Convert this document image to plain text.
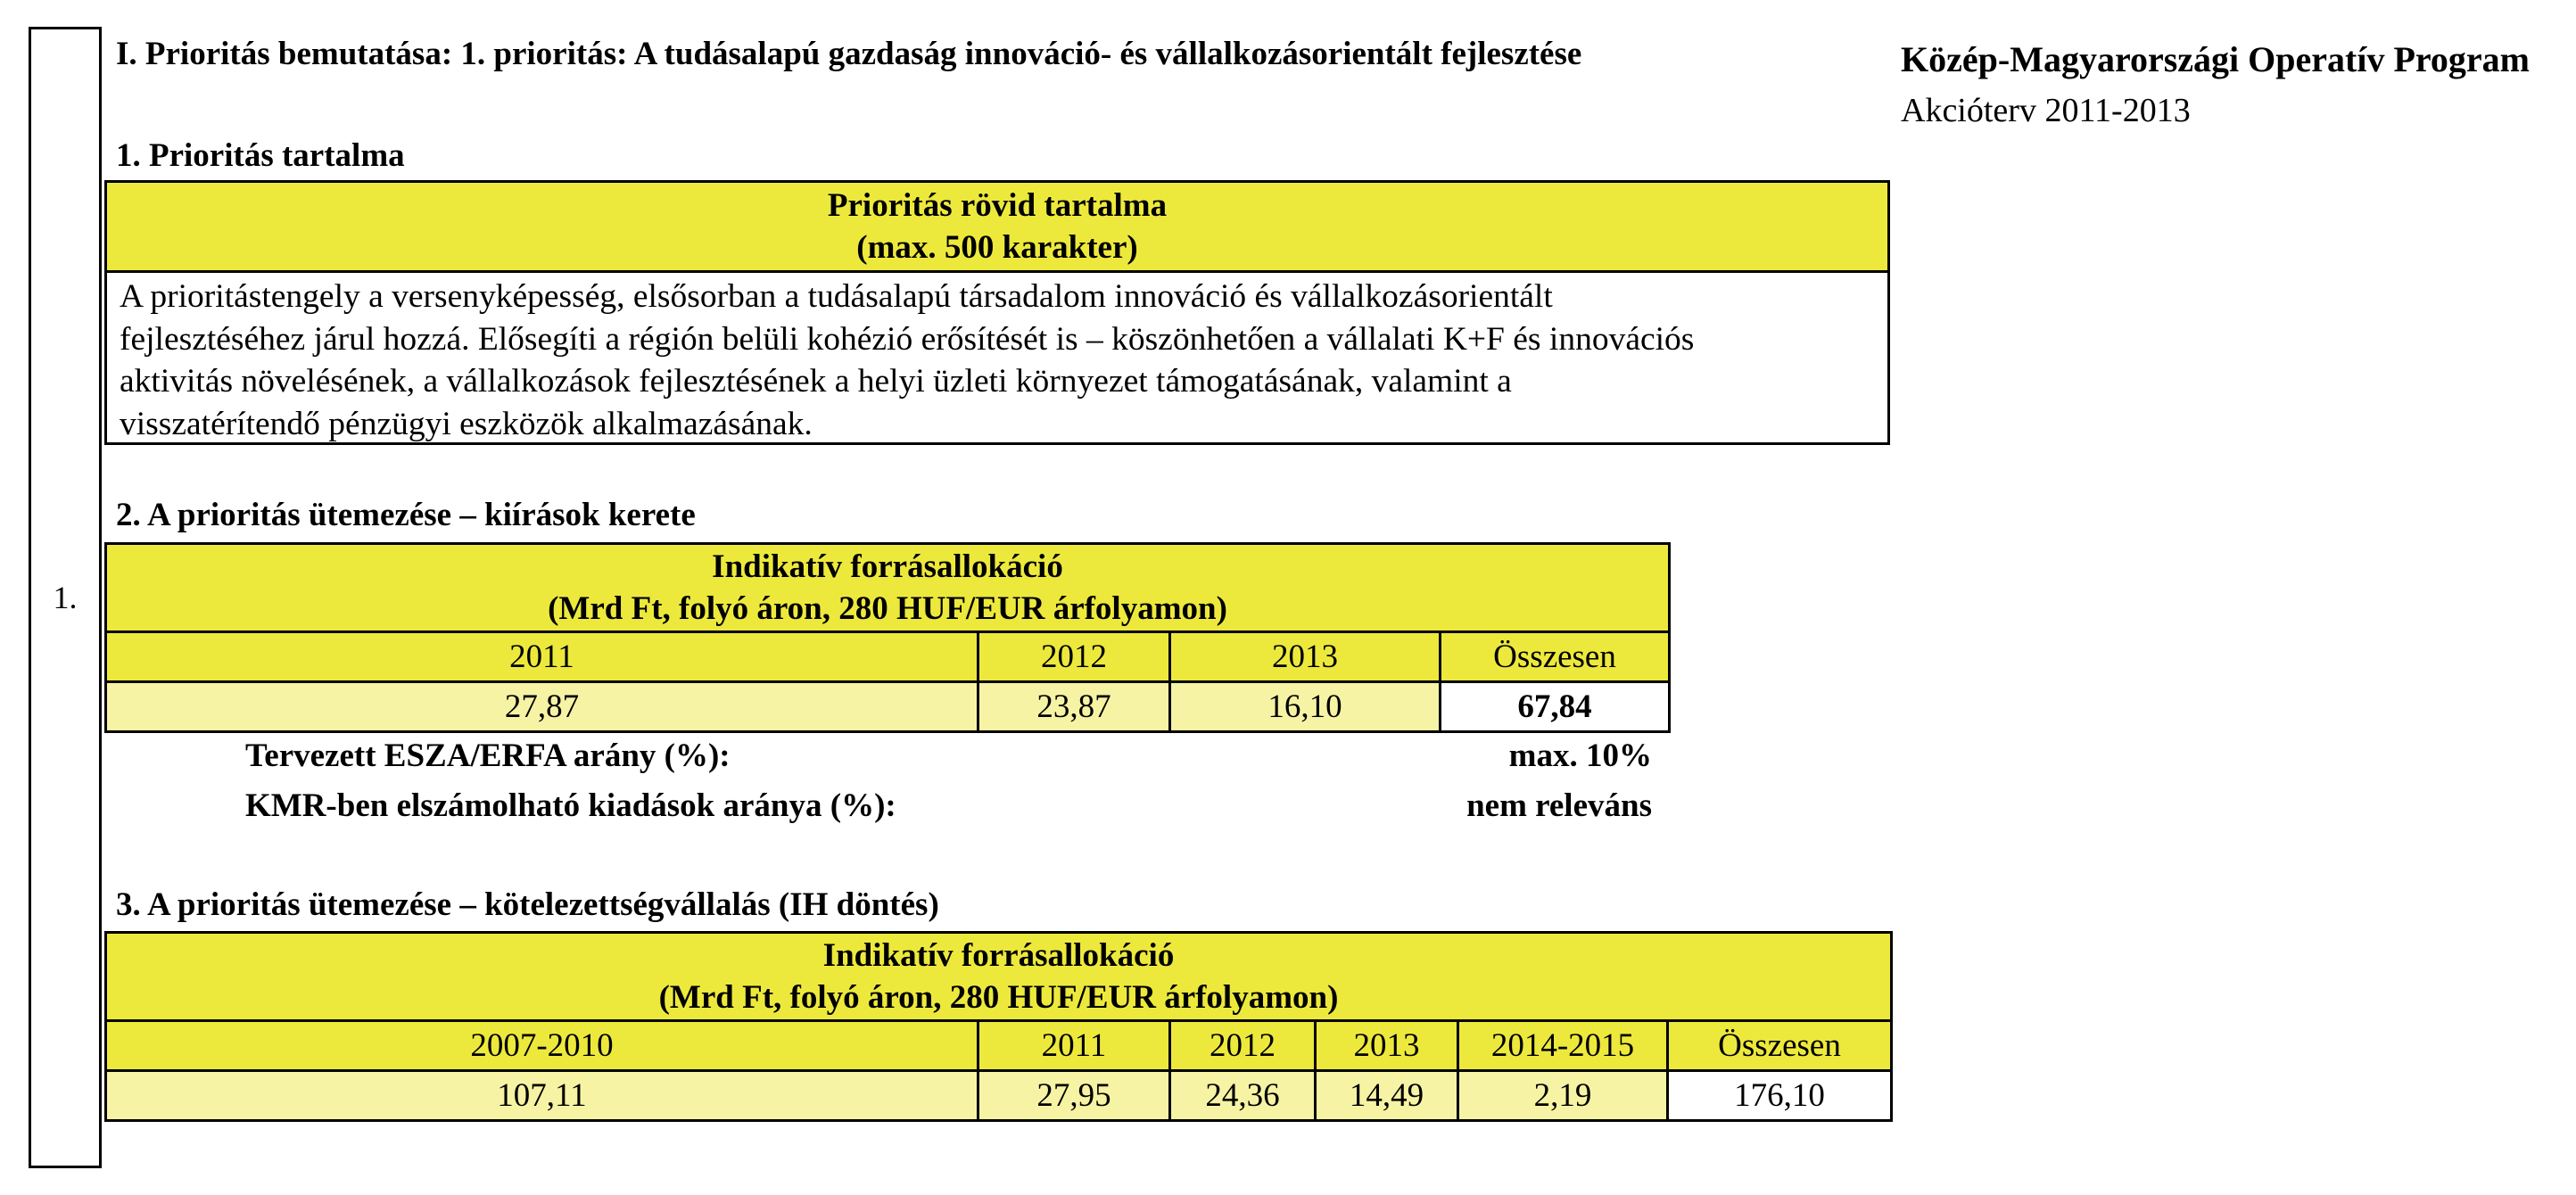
1.
I. Prioritás bemutatása: 1. prioritás: A tudásalapú gazdaság innováció- és vállalkozásorientált fejlesztése	Közép-Magyarországi Operatív Program
Akcióterv 2011-2013
1. Prioritás tartalma
Prioritás rövid tartalma
(max. 500 karakter)
A prioritástengely a versenyképesség, elsősorban a tudásalapú társadalom innováció és vállalkozásorientált
fejlesztéséhez járul hozzá. Elősegíti a régión belüli kohézió erősítését is – köszönhetően a vállalati K+F és innovációs
aktivitás növelésének, a vállalkozások fejlesztésének a helyi üzleti környezet támogatásának, valamint a
visszatérítendő pénzügyi eszközök alkalmazásának.
2. A prioritás ütemezése – kiírások kerete
Indikatív forrásallokáció
(Mrd Ft, folyó áron, 280 HUF/EUR árfolyamon)			

2011	2012	2013	Összesen
27,87	23,87	16,10	67,84
Tervezett ESZA/ERFA arány (%):	max. 10%
KMR-ben elszámolható kiadások aránya (%):	nem releváns
3. A prioritás ütemezése – kötelezettségvállalás (IH döntés)
Indikatív forrásallokáció
(Mrd Ft, folyó áron, 280 HUF/EUR árfolyamon)					

2007-2010	2011	2012	2013	2014-2015	Összesen
107,11	27,95	24,36	14,49	2,19	176,10
